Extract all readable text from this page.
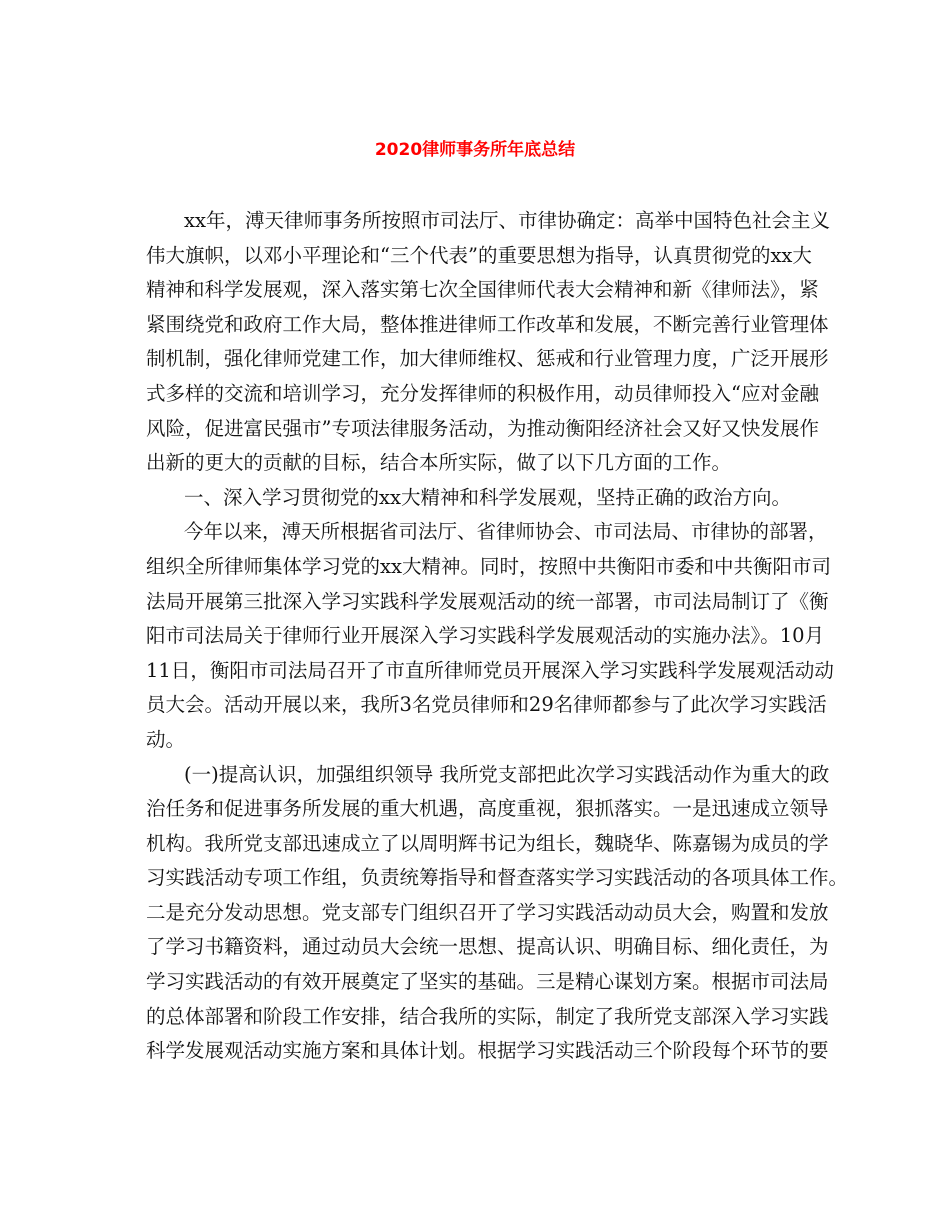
2020律师事务所年底总结
xx年，溥天律师事务所按照市司法厅、市律协确定：高举中国特色社会主义
伟大旗帜，以邓小平理论和“三个代表”的重要思想为指导，认真贯彻党的xx大
精神和科学发展观，深入落实第七次全国律师代表大会精神和新《律师法》，紧
紧围绕党和政府工作大局，整体推进律师工作改革和发展，不断完善行业管理体
制机制，强化律师党建工作，加大律师维权、惩戒和行业管理力度，广泛开展形
式多样的交流和培训学习，充分发挥律师的积极作用，动员律师投入“应对金融
风险，促进富民强市”专项法律服务活动，为推动衡阳经济社会又好又快发展作
出新的更大的贡献的目标，结合本所实际，做了以下几方面的工作。
一、深入学习贯彻党的xx大精神和科学发展观，坚持正确的政治方向。
今年以来，溥天所根据省司法厅、省律师协会、市司法局、市律协的部署，
组织全所律师集体学习党的xx大精神。同时，按照中共衡阳市委和中共衡阳市司
法局开展第三批深入学习实践科学发展观活动的统一部署，市司法局制订了《衡
阳市司法局关于律师行业开展深入学习实践科学发展观活动的实施办法》。10月
11日，衡阳市司法局召开了市直所律师党员开展深入学习实践科学发展观活动动
员大会。活动开展以来，我所3名党员律师和29名律师都参与了此次学习实践活
动。
(一)提高认识，加强组织领导 我所党支部把此次学习实践活动作为重大的政
治任务和促进事务所发展的重大机遇，高度重视，狠抓落实。一是迅速成立领导
机构。我所党支部迅速成立了以周明辉书记为组长，魏晓华、陈嘉锡为成员的学
习实践活动专项工作组，负责统筹指导和督查落实学习实践活动的各项具体工作。
二是充分发动思想。党支部专门组织召开了学习实践活动动员大会，购置和发放
了学习书籍资料，通过动员大会统一思想、提高认识、明确目标、细化责任，为
学习实践活动的有效开展奠定了坚实的基础。三是精心谋划方案。根据市司法局
的总体部署和阶段工作安排，结合我所的实际，制定了我所党支部深入学习实践
科学发展观活动实施方案和具体计划。根据学习实践活动三个阶段每个环节的要
